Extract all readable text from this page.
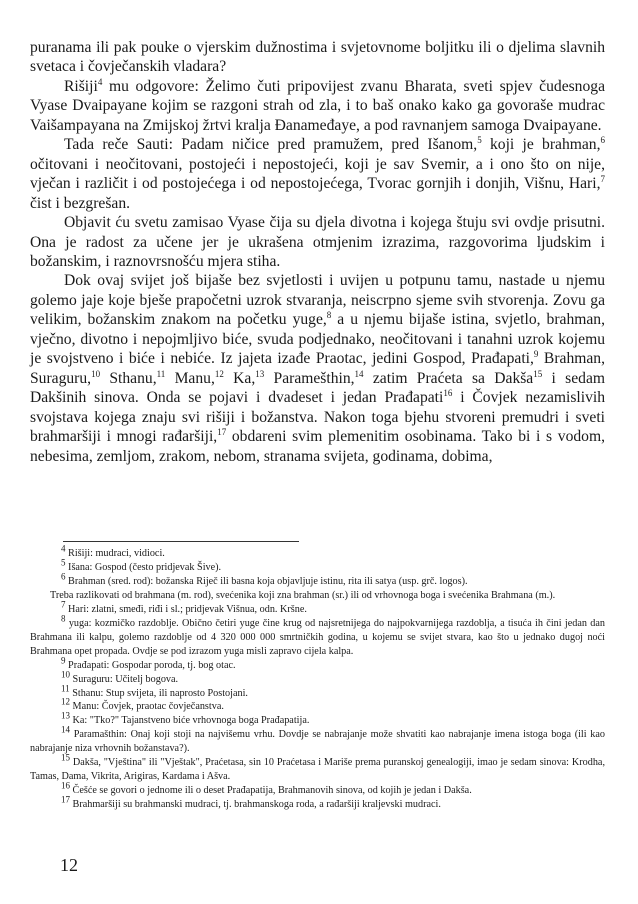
puranama ili pak pouke o vjerskim dužnostima i svjetovnome boljitku ili o djelima slavnih svetaca i čovječanskih vladara?

Rišiji$^4$ mu odgovore: Želimo čuti pripovijest zvanu Bharata, sveti spjev čudesnoga Vyase Dvaipayane kojim se razgoni strah od zla, i to baš onako kako ga govoraše mudrac Vaišampayana na Zmijskoj žrtvi kralja Đanameđaye, a pod ravnanjem samoga Dvaipayane.

Tada reče Sauti: Padam ničice pred pramužem, pred Išanom,$^5$ koji je brahman,$^6$ očitovani i neočitovani, postojeći i nepostojeći, koji je sav Svemir, a i ono što on nije, vječan i različit i od postojećega i od nepostojećega, Tvorac gornjih i donjih, Višnu, Hari,$^7$ čist i bezgrešan.

Objavit ću svetu zamisao Vyase čija su djela divotna i kojega štuju svi ovdje prisutni. Ona je radost za učene jer je ukrašena otmjenim izrazima, razgovorima ljudskim i božanskim, i raznovrsnošću mjera stiha.

Dok ovaj svijet još bijaše bez svjetlosti i uvijen u potpunu tamu, nastade u njemu golemo jaje koje bješe prapočetni uzrok stvaranja, neiscrpno sjeme svih stvorenja. Zovu ga velikim, božanskim znakom na početku yuge,$^8$ a u njemu bijaše istina, svjetlo, brahman, vječno, divotno i nepojmljivo biće, svuda podjednako, neočitovani i tanahni uzrok kojemu je svojstveno i biće i nebiće. Iz jajeta izađe Praotac, jedini Gospod, Prađapati,$^9$ Brahman, Suraguru,$^{10}$ Sthanu,$^{11}$ Manu,$^{12}$ Ka,$^{13}$ Paramešthin,$^{14}$ zatim Praćeta sa Dakša$^{15}$ i sedam Dakšinih sinova. Onda se pojavi i dvadeset i jedan Prađapati$^{16}$ i Čovjek nezamislivih svojstava kojega znaju svi rišiji i božanstva. Nakon toga bjehu stvoreni premudri i sveti brahmaršiji i mnogi rađaršiji,$^{17}$ obdareni svim plemenitim osobinama. Tako bi i s vodom, nebesima, zemljom, zrakom, nebom, stranama svijeta, godinama, dobima,

$^4$ Rišiji: mudraci, vidioci.

$^5$ Išana: Gospod (često pridjevak Šive).

$^6$ Brahman (sred. rod): božanska Riječ ili basna koja objavljuje istinu, rita ili satya (usp. grč. logos).

Treba razlikovati od brahmana (m. rod), svećenika koji zna brahman (sr.) ili od vrhovnoga boga i svećenika Brahmana (m.).

$^7$ Hari: zlatni, smeđi, riđi i sl.; pridjevak Višnua, odn. Kršne.

$^8$ yuga: kozmičko razdoblje. Obično četiri yuge čine krug od najsretnijega do najpokvarnijega razdoblja, a tisuća ih čini jedan dan Brahmana ili kalpu, golemo razdoblje od 4 320 000 000 smrtničkih godina, u kojemu se svijet stvara, kao što u jednako dugoj noći Brahmana opet propada. Ovdje se pod izrazom yuga misli zapravo cijela kalpa.

$^9$ Prađapati: Gospodar poroda, tj. bog otac.

$^{10}$ Suraguru: Učitelj bogova.

$^{11}$ Sthanu: Stup svijeta, ili naprosto Postojani.

$^{12}$ Manu: Čovjek, praotac čovječanstva.

$^{13}$ Ka: "Tko?" Tajanstveno biće vrhovnoga boga Prađapatija.

$^{14}$ Paramašthin: Onaj koji stoji na najvišemu vrhu. Dovdje se nabrajanje može shvatiti kao nabrajanje imena istoga boga (ili kao nabrajanje niza vrhovnih božanstava?).

$^{15}$ Dakša, "Vještina" ili "Vještak", Praćetasa, sin 10 Praćetasa i Mariše prema puranskoj genealogiji, imao je sedam sinova: Krodha, Tamas, Dama, Vikrita, Arigiras, Kardama i Ašva.

$^{16}$ Češće se govori o jednome ili o deset Prađapatija, Brahmanovih sinova, od kojih je jedan i Dakša.

$^{17}$ Brahmaršiji su brahmanski mudraci, tj. brahmanskoga roda, a rađaršiji kraljevski mudraci.

12
